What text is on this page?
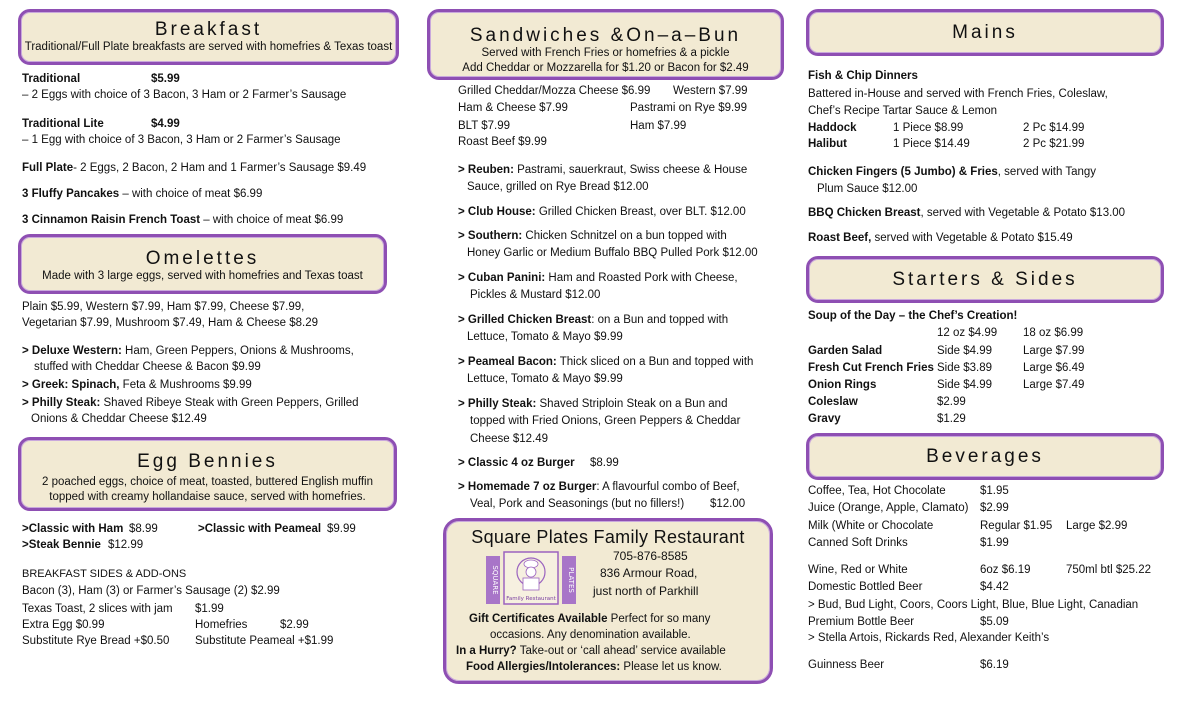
Breakfast
Traditional/Full Plate breakfasts are served with homefries & Texas toast
Traditional	$5.99
– 2 Eggs with choice of 3 Bacon, 3 Ham or 2 Farmer’s Sausage
Traditional Lite	$4.99
– 1 Egg with choice of 3 Bacon, 3 Ham or 2 Farmer’s Sausage
Full Plate- 2 Eggs, 2 Bacon, 2 Ham and 1 Farmer’s Sausage $9.49
3 Fluffy Pancakes – with choice of meat $6.99
3 Cinnamon Raisin French Toast – with choice of meat $6.99
Omelettes
Made with 3 large eggs, served with homefries and Texas toast
Plain $5.99, Western $7.99, Ham $7.99, Cheese $7.99,
Vegetarian $7.99, Mushroom $7.49, Ham & Cheese $8.29
> Deluxe Western: Ham, Green Peppers, Onions & Mushrooms,
stuffed with Cheddar Cheese & Bacon $9.99
> Greek: Spinach, Feta & Mushrooms $9.99
> Philly Steak: Shaved Ribeye Steak with Green Peppers, Grilled
Onions & Cheddar Cheese $12.49
Egg Bennies
2 poached eggs, choice of meat, toasted, buttered English muffin
topped with creamy hollandaise sauce, served with homefries.
>Classic with Ham $8.99	>Classic with Peameal $9.99
>Steak Bennie $12.99
BREAKFAST SIDES & ADD-ONS
Bacon (3), Ham (3) or Farmer’s Sausage (2) $2.99
Texas Toast, 2 slices with jam $1.99
Extra Egg $0.99	Homefries	$2.99
Substitute Rye Bread +$0.50 Substitute Peameal +$1.99
Sandwiches &On–a–Bun
Served with French Fries or homefries & a pickle
Add Cheddar or Mozzarella for $1.20 or Bacon for $2.49
Grilled Cheddar/Mozza Cheese $6.99 Western $7.99
Ham & Cheese $7.99	Pastrami on Rye $9.99
BLT $7.99	Ham $7.99
Roast Beef $9.99
> Reuben: Pastrami, sauerkraut, Swiss cheese & House
Sauce, grilled on Rye Bread $12.00
> Club House: Grilled Chicken Breast, over BLT. $12.00
> Southern: Chicken Schnitzel on a bun topped with
Honey Garlic or Medium Buffalo BBQ Pulled Pork $12.00
> Cuban Panini: Ham and Roasted Pork with Cheese,
Pickles & Mustard $12.00
> Grilled Chicken Breast: on a Bun and topped with
Lettuce, Tomato & Mayo $9.99
> Peameal Bacon: Thick sliced on a Bun and topped with
Lettuce, Tomato & Mayo $9.99
> Philly Steak: Shaved Striploin Steak on a Bun and
topped with Fried Onions, Green Peppers & Cheddar
Cheese $12.49
> Classic 4 oz Burger $8.99
> Homemade 7 oz Burger: A flavourful combo of Beef,
Veal, Pork and Seasonings (but no fillers!) $12.00
Square Plates Family Restaurant
705-876-8585
836 Armour Road,
just north of Parkhill
SQUARE	PLATES
Family Restaurant
Gift Certificates Available Perfect for so many
occasions. Any denomination available.
In a Hurry? Take-out or ‘call ahead’ service available
Food Allergies/Intolerances: Please let us know.
Mains
Fish & Chip Dinners
Battered in-House and served with French Fries, Coleslaw,
Chef’s Recipe Tartar Sauce & Lemon
Haddock	1 Piece $8.99	2 Pc $14.99
Halibut	1 Piece $14.49	2 Pc $21.99
Chicken Fingers (5 Jumbo) & Fries, served with Tangy
Plum Sauce $12.00
BBQ Chicken Breast, served with Vegetable & Potato $13.00
Roast Beef, served with Vegetable & Potato $15.49
Starters & Sides
Soup of the Day – the Chef’s Creation!
12 oz $4.99 18 oz $6.99
Garden Salad	Side $4.99	Large $7.99
Fresh Cut French Fries Side $3.89	Large $6.49
Onion Rings	Side $4.99	Large $7.49
Coleslaw	$2.99
Gravy	$1.29
Beverages
Coffee, Tea, Hot Chocolate	$1.95
Juice (Orange, Apple, Clamato) $2.99
Milk (White or Chocolate	Regular $1.95 Large $2.99
Canned Soft Drinks	$1.99
Wine, Red or White	6oz $6.19	750ml btl $25.22
Domestic Bottled Beer	$4.42
> Bud, Bud Light, Coors, Coors Light, Blue, Blue Light, Canadian
Premium Bottle Beer	$5.09
> Stella Artois, Rickards Red, Alexander Keith’s
Guinness Beer	$6.19
